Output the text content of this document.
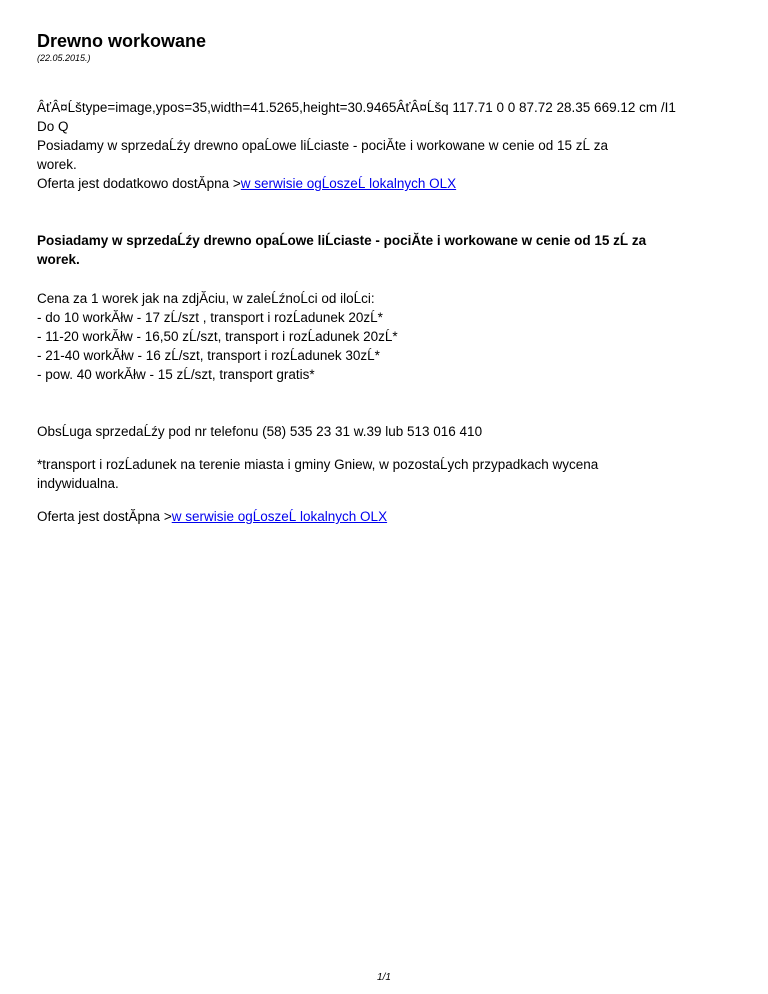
Drewno workowane
(22.05.2015.)
ÂťÂ¤Ĺštype=image,ypos=35,width=41.5265,height=30.9465ÂťÂ¤Ĺšq 117.71 0 0 87.72 28.35 669.12 cm /I1
Do Q
Posiadamy w sprzedaĹźy drewno opaĹowe liĹciaste - pociĂte i workowane w cenie od 15 zĹ za
worek.
Oferta jest dodatkowo dostĂpna >w serwisie ogĹoszeĹ lokalnych OLX
Posiadamy w sprzedaĹźy drewno opaĹowe liĹciaste - pociĂte i workowane w cenie od 15 zĹ za
worek.
Cena za 1 worek jak na zdjĂciu, w zaleĹźnoĹci od iloĹci:
- do 10 workĂłw - 17 zĹ/szt , transport i rozĹadunek 20zĹ*
- 11-20 workĂłw - 16,50 zĹ/szt, transport i rozĹadunek 20zĹ*
- 21-40 workĂłw - 16 zĹ/szt, transport i rozĹadunek 30zĹ*
- pow. 40 workĂłw - 15 zĹ/szt, transport gratis*
ObsĹuga sprzedaĹźy pod nr telefonu (58) 535 23 31 w.39 lub 513 016 410
*transport i rozĹadunek na terenie miasta i gminy Gniew, w pozostaĹych przypadkach wycena
indywidualna.
Oferta jest dostĂpna >w serwisie ogĹoszeĹ lokalnych OLX
1/1
